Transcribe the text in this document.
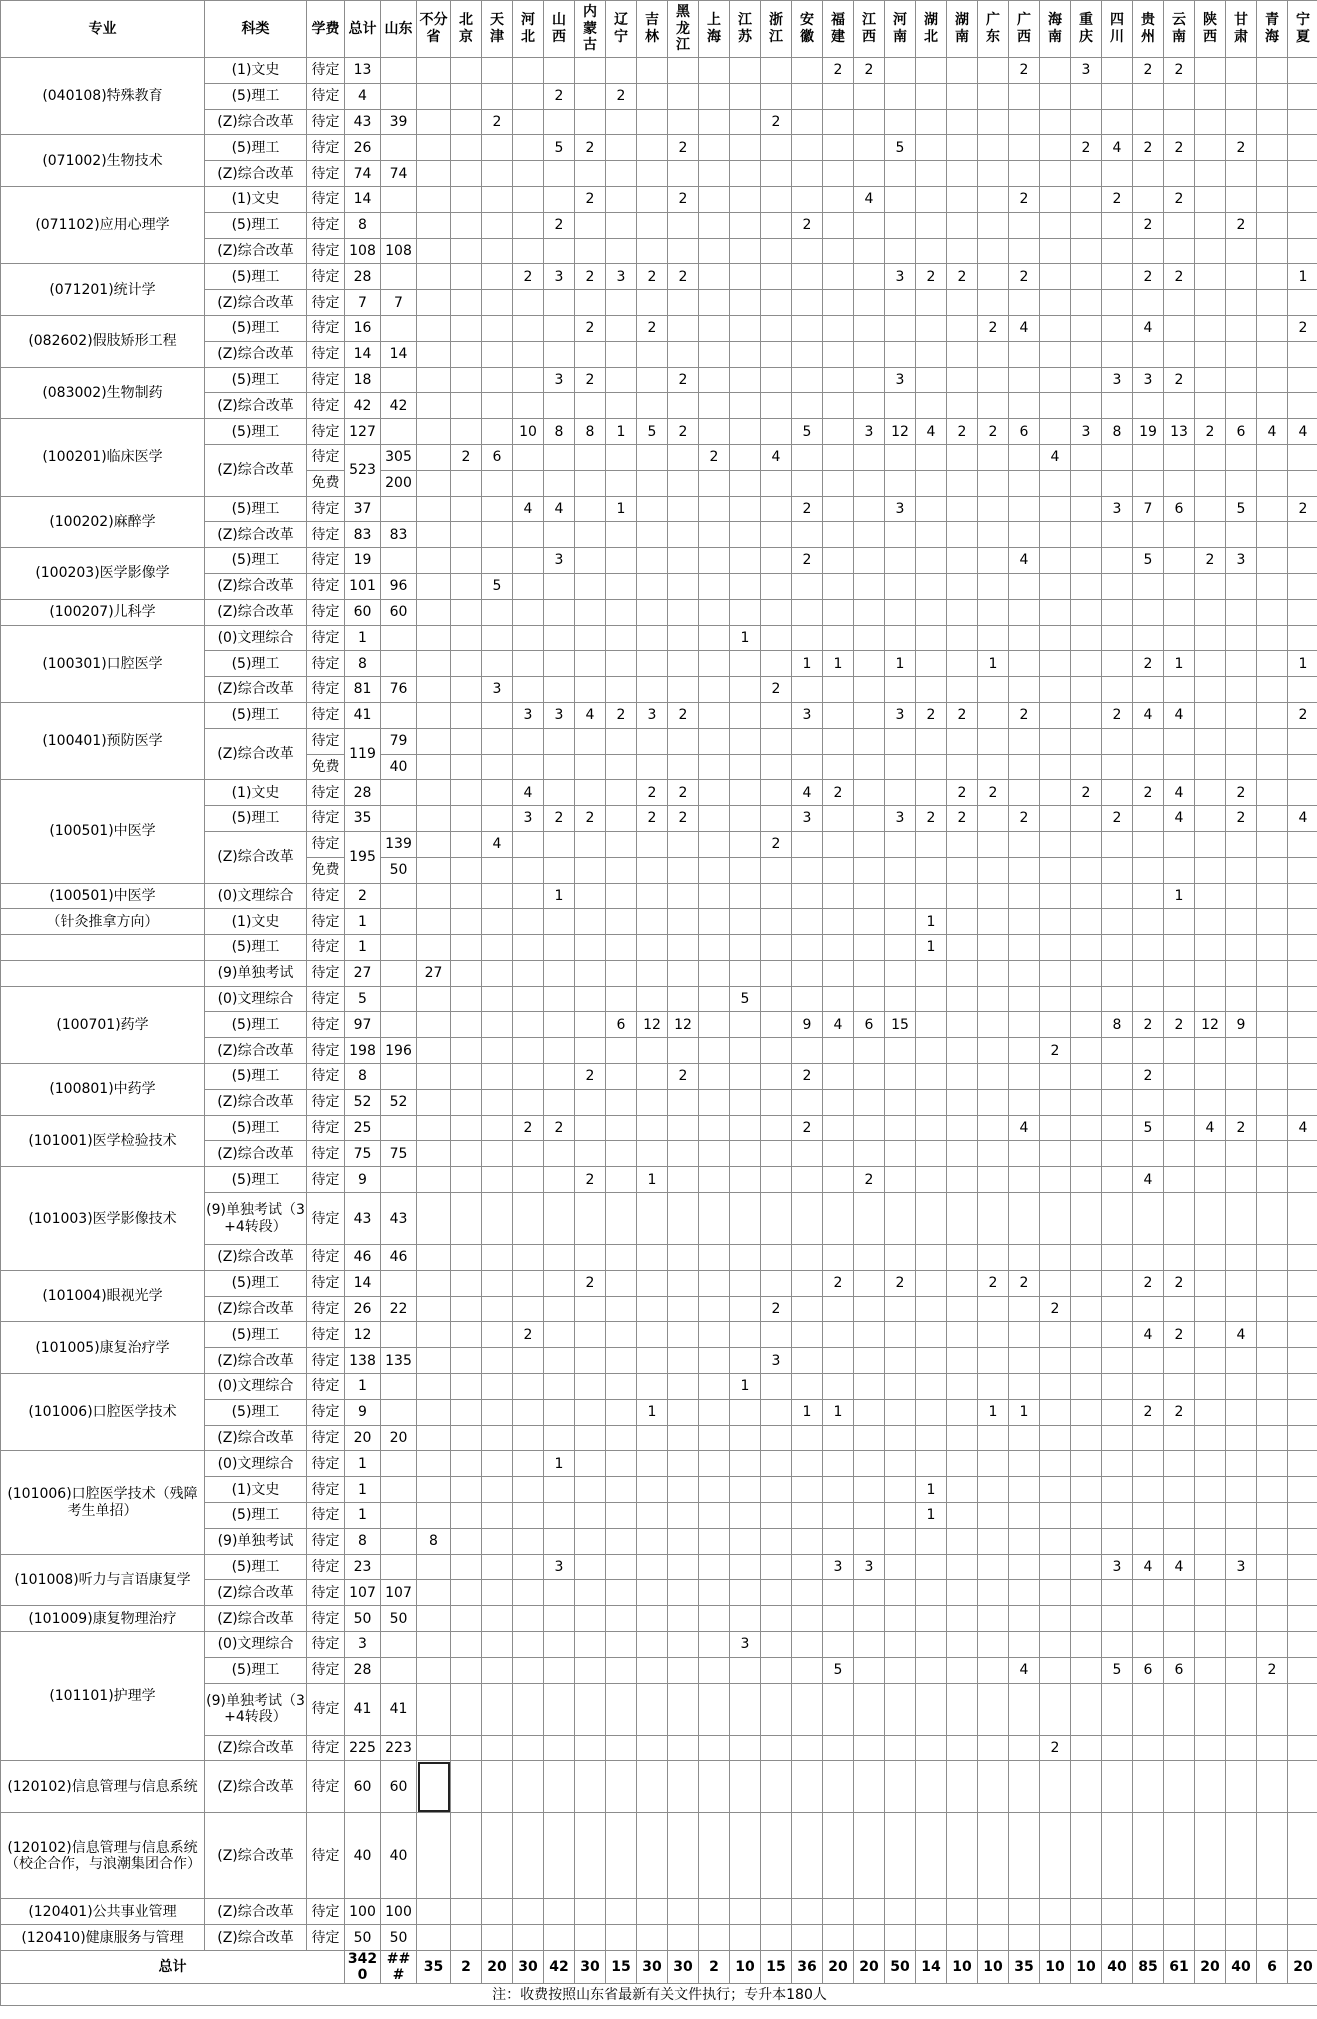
专业	科类	学费	总计	山东	不分省	北京	天津	河北	山西	内蒙古	辽宁	吉林	黑龙江	上海	江苏	浙江	安徽	福建	江西	河南	湖北	湖南	广东	广西	海南	重庆	四川	贵州	云南	陕西	甘肃	青海	宁夏
(040108)特殊教育	(1)文史	待定	13															2	2					2		3		2	2				
	(5)理工	待定	4						2		2																						
	(Z)综合改革	待定	43	39			2									2																	
(071002)生物技术	(5)理工	待定	26						5	2			2							5						2	4	2	2		2		
	(Z)综合改革	待定	74	74																													
(071102)应用心理学	(1)文史	待定	14							2			2						4					2			2		2				
	(5)理工	待定	8						2								2											2			2		
	(Z)综合改革	待定	108	108																													
(071201)统计学	(5)理工	待定	28					2	3	2	3	2	2							3	2	2		2				2	2				1
	(Z)综合改革	待定	7	7																													
(082602)假肢矫形工程	(5)理工	待定	16							2		2											2	4				4					2
	(Z)综合改革	待定	14	14																													
(083002)生物制药	(5)理工	待定	18						3	2			2							3							3	3	2				
	(Z)综合改革	待定	42	42																													
(100201)临床医学	(5)理工	待定	127					10	8	8	1	5	2				5		3	12	4	2	2	6		3	8	19	13	2	6	4	4
	(Z)综合改革	待定	523	305		2	6							2		4									4								
		免费		200																													
(100202)麻醉学	(5)理工	待定	37					4	4		1						2			3							3	7	6		5		2
	(Z)综合改革	待定	83	83																													
(100203)医学影像学	(5)理工	待定	19						3								2							4				5		2	3		
	(Z)综合改革	待定	101	96			5																										
(100207)儿科学	(Z)综合改革	待定	60	60																													
(100301)口腔医学	(0)文理综合	待定	1												1																		
	(5)理工	待定	8														1	1		1			1					2	1				1
	(Z)综合改革	待定	81	76			3									2																	
(100401)预防医学	(5)理工	待定	41					3	3	4	2	3	2				3			3	2	2		2			2	4	4				2
	(Z)综合改革	待定	119	79																													
		免费		40																													
(100501)中医学	(1)文史	待定	28					4				2	2				4	2				2	2			2		2	4		2		
	(5)理工	待定	35					3	2	2		2	2				3			3	2	2		2			2		4		2		4
	(Z)综合改革	待定	195	139			4									2																	
		免费		50																													
(100501)中医学	(0)文理综合	待定	2						1																				1				
（针灸推拿方向）	(1)文史	待定	1																		1												
	(5)理工	待定	1																		1												
	(9)单独考试	待定	27		27																												
(100701)药学	(0)文理综合	待定	5												5																		
	(5)理工	待定	97								6	12	12				9	4	6	15							8	2	2	12	9		
	(Z)综合改革	待定	198	196																					2								
(100801)中药学	(5)理工	待定	8							2			2				2											2					
	(Z)综合改革	待定	52	52																													
(101001)医学检验技术	(5)理工	待定	25					2	2								2							4				5		4	2		4
	(Z)综合改革	待定	75	75																													
(101003)医学影像技术	(5)理工	待定	9							2		1							2									4					
	(9)单独考试（3+4转段）	待定	43	43																													
	(Z)综合改革	待定	46	46																													
(101004)眼视光学	(5)理工	待定	14							2								2		2			2	2				2	2				
	(Z)综合改革	待定	26	22												2									2								
(101005)康复治疗学	(5)理工	待定	12					2																				4	2		4		
	(Z)综合改革	待定	138	135												3																	
(101006)口腔医学技术	(0)文理综合	待定	1												1																		
	(5)理工	待定	9									1					1	1					1	1				2	2				
	(Z)综合改革	待定	20	20																													
(101006)口腔医学技术（残障考生单招）	(0)文理综合	待定	1						1																								
	(1)文史	待定	1																		1												
	(5)理工	待定	1																		1												
	(9)单独考试	待定	8		8																												
(101008)听力与言语康复学	(5)理工	待定	23						3									3	3								3	4	4		3		
	(Z)综合改革	待定	107	107																													
(101009)康复物理治疗	(Z)综合改革	待定	50	50																													
(101101)护理学	(0)文理综合	待定	3												3																		
	(5)理工	待定	28															5						4			5	6	6			2	
	(9)单独考试（3+4转段）	待定	41	41																													
	(Z)综合改革	待定	225	223																					2								
(120102)信息管理与信息系统	(Z)综合改革	待定	60	60																													
(120102)信息管理与信息系统（校企合作，与浪潮集团合作）	(Z)综合改革	待定	40	40																													
(120401)公共事业管理	(Z)综合改革	待定	100	100																													
(120410)健康服务与管理	(Z)综合改革	待定	50	50																													
总计			3420	###	35	2	20	30	42	30	15	30	30	2	10	15	36	20	20	50	14	10	10	35	10	10	40	85	61	20	40	6	20
注：收费按照山东省最新有关文件执行；专升本180人																																	
